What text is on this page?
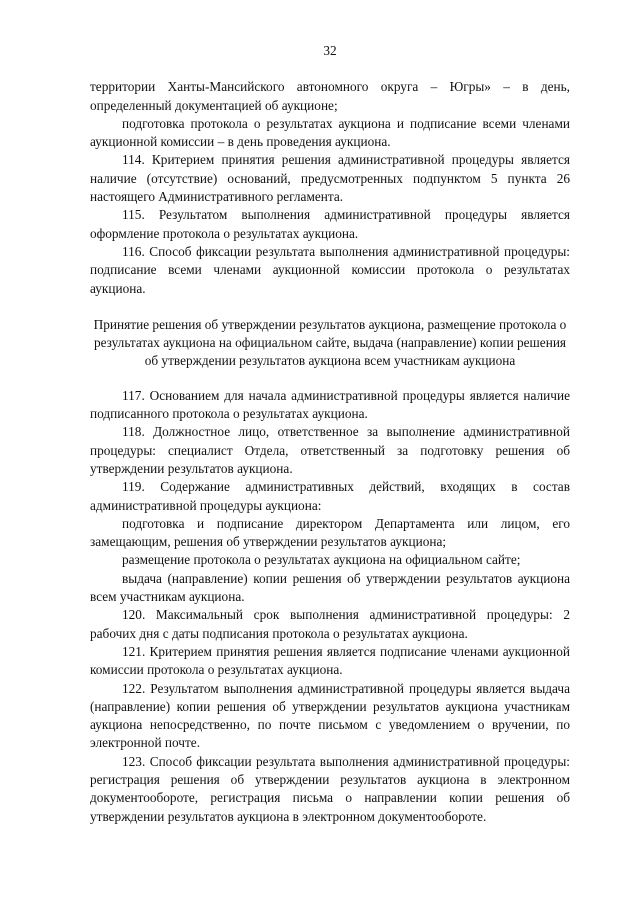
32

территории Ханты-Мансийского автономного округа – Югры» – в день, определенный документацией об аукционе;

подготовка протокола о результатах аукциона и подписание всеми членами аукционной комиссии – в день проведения аукциона.

114. Критерием принятия решения административной процедуры является наличие (отсутствие) оснований, предусмотренных подпунктом 5 пункта 26 настоящего Административного регламента.

115. Результатом выполнения административной процедуры является оформление протокола о результатах аукциона.

116. Способ фиксации результата выполнения административной процедуры: подписание всеми членами аукционной комиссии протокола о результатах аукциона.

Принятие решения об утверждении результатов аукциона, размещение протокола о результатах аукциона на официальном сайте, выдача (направление) копии решения об утверждении результатов аукциона всем участникам аукциона

117. Основанием для начала административной процедуры является наличие подписанного протокола о результатах аукциона.

118. Должностное лицо, ответственное за выполнение административной процедуры: специалист Отдела, ответственный за подготовку решения об утверждении результатов аукциона.

119. Содержание административных действий, входящих в состав административной процедуры аукциона:

подготовка и подписание директором Департамента или лицом, его замещающим, решения об утверждении результатов аукциона;

размещение протокола о результатах аукциона на официальном сайте;

выдача (направление) копии решения об утверждении результатов аукциона всем участникам аукциона.

120. Максимальный срок выполнения административной процедуры: 2 рабочих дня с даты подписания протокола о результатах аукциона.

121. Критерием принятия решения является подписание членами аукционной комиссии протокола о результатах аукциона.

122. Результатом выполнения административной процедуры является выдача (направление) копии решения об утверждении результатов аукциона участникам аукциона непосредственно, по почте письмом с уведомлением о вручении, по электронной почте.

123. Способ фиксации результата выполнения административной процедуры: регистрация решения об утверждении результатов аукциона в электронном документообороте, регистрация письма о направлении копии решения об утверждении результатов аукциона в электронном документообороте.
